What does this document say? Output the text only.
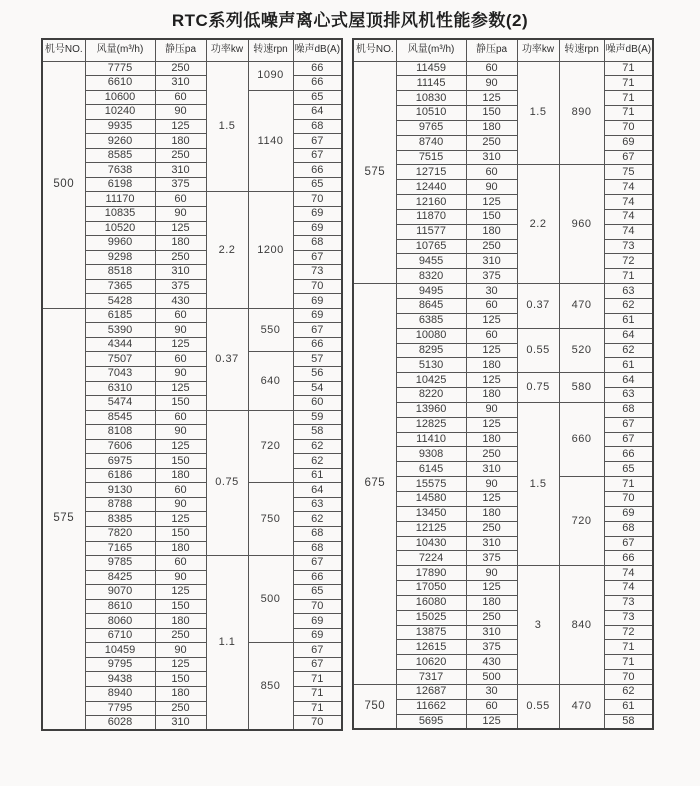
RTC系列低噪声离心式屋顶排风机性能参数(2)
机号NO.	风量(m³/h)	静压pa	功率kw	转速rpn	噪声dB(A)
500	7775	250	1.5	1090	66
	6610	310			66
	10600	60		1140	65
	10240	90			64
	9935	125			68
	9260	180			67
	8585	250			67
	7638	310			66
	6198	375			65
	11170	60	2.2	1200	70
	10835	90			69
	10520	125			69
	9960	180			68
	9298	250			67
	8518	310			73
	7365	375			70
	5428	430			69
575	6185	60	0.37	550	69
	5390	90			67
	4344	125			66
	7507	60		640	57
	7043	90			56
	6310	125			54
	5474	150			60
	8545	60	0.75	720	59
	8108	90			58
	7606	125			62
	6975	150			62
	6186	180			61
	9130	60		750	64
	8788	90			63
	8385	125			62
	7820	150			68
	7165	180			68
	9785	60	1.1	500	67
	8425	90			66
	9070	125			65
	8610	150			70
	8060	180			69
	6710	250			69
	10459	90		850	67
	9795	125			67
	9438	150			71
	8940	180			71
	7795	250			71
	6028	310			70
机号NO.	风量(m³/h)	静压pa	功率kw	转速rpn	噪声dB(A)
575	11459	60	1.5	890	71
	11145	90			71
	10830	125			71
	10510	150			71
	9765	180			70
	8740	250			69
	7515	310			67
	12715	60	2.2	960	75
	12440	90			74
	12160	125			74
	11870	150			74
	11577	180			74
	10765	250			73
	9455	310			72
	8320	375			71
675	9495	30	0.37	470	63
	8645	60			62
	6385	125			61
	10080	60	0.55	520	64
	8295	125			62
	5130	180			61
	10425	125	0.75	580	64
	8220	180			63
	13960	90	1.5	660	68
	12825	125			67
	11410	180			67
	9308	250			66
	6145	310			65
	15575	90		720	71
	14580	125			70
	13450	180			69
	12125	250			68
	10430	310			67
	7224	375			66
	17890	90	3	840	74
	17050	125			74
	16080	180			73
	15025	250			73
	13875	310			72
	12615	375			71
	10620	430			71
	7317	500			70
750	12687	30	0.55	470	62
	11662	60			61
	5695	125			58
